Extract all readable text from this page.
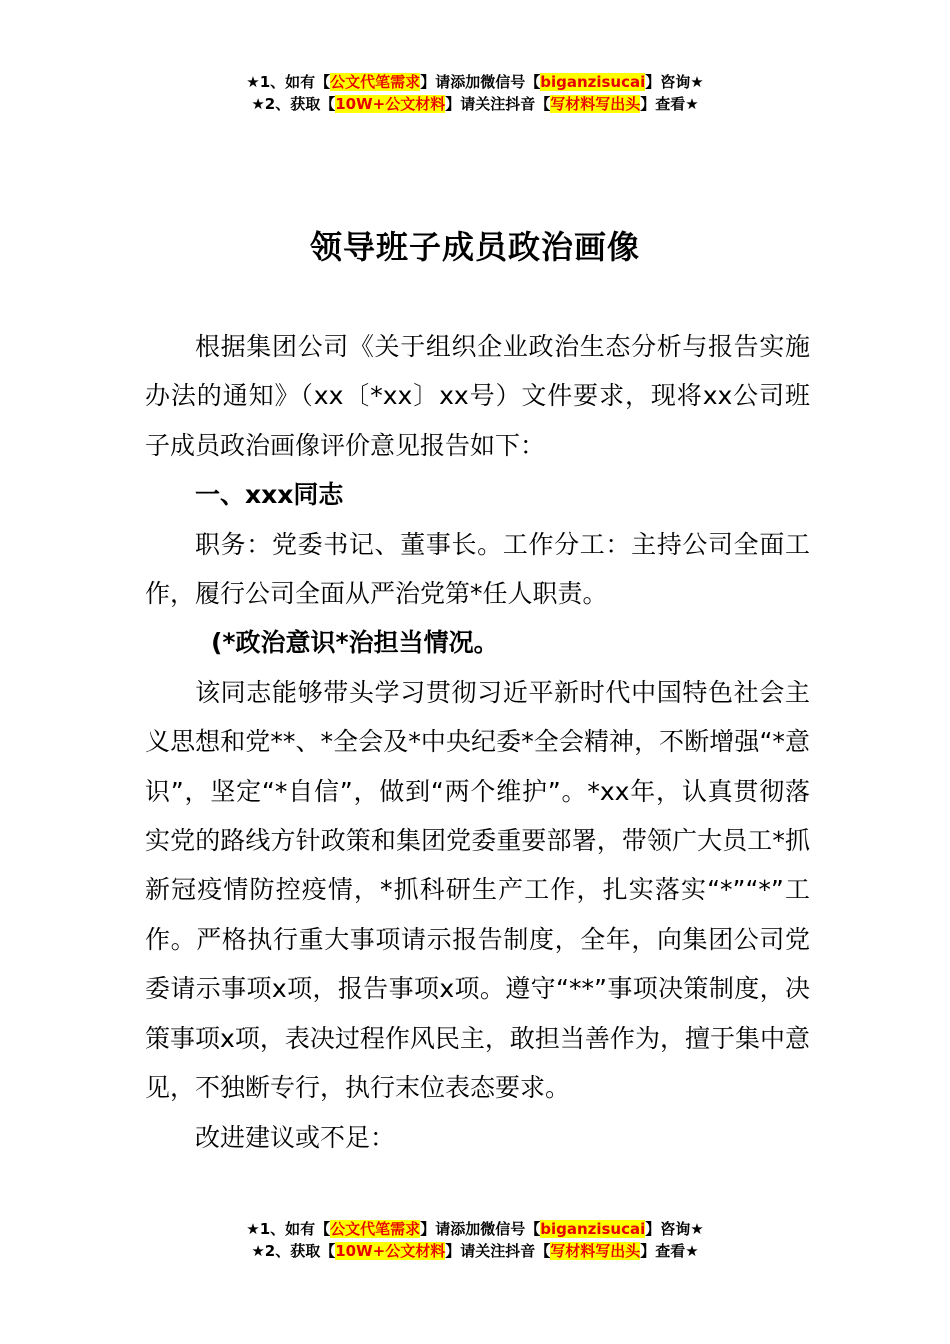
★1、如有【公文代笔需求】请添加微信号【biganzisucai】咨询★
★2、获取【10W+公文材料】请关注抖音【写材料写出头】查看★
领导班子成员政治画像

根据集团公司《关于组织企业政治生态分析与报告实施办法的通知》（xx〔*xx〕xx号）文件要求，现将xx公司班子成员政治画像评价意见报告如下：

一、xxx同志

职务：党委书记、董事长。工作分工：主持公司全面工作，履行公司全面从严治党第*任人职责。

(*政治意识*治担当情况。

该同志能够带头学习贯彻习近平新时代中国特色社会主义思想和党**、*全会及*中央纪委*全会精神，不断增强“*意识”，坚定“*自信”，做到“两个维护”。*xx年，认真贯彻落实党的路线方针政策和集团党委重要部署，带领广大员工*抓新冠疫情防控疫情，*抓科研生产工作，扎实落实“*”“*”工作。严格执行重大事项请示报告制度，全年，向集团公司党委请示事项x项，报告事项x项。遵守“**”事项决策制度，决策事项x项，表决过程作风民主，敢担当善作为，擅于集中意见，不独断专行，执行末位表态要求。

改进建议或不足：

★1、如有【公文代笔需求】请添加微信号【biganzisucai】咨询★
★2、获取【10W+公文材料】请关注抖音【写材料写出头】查看★
